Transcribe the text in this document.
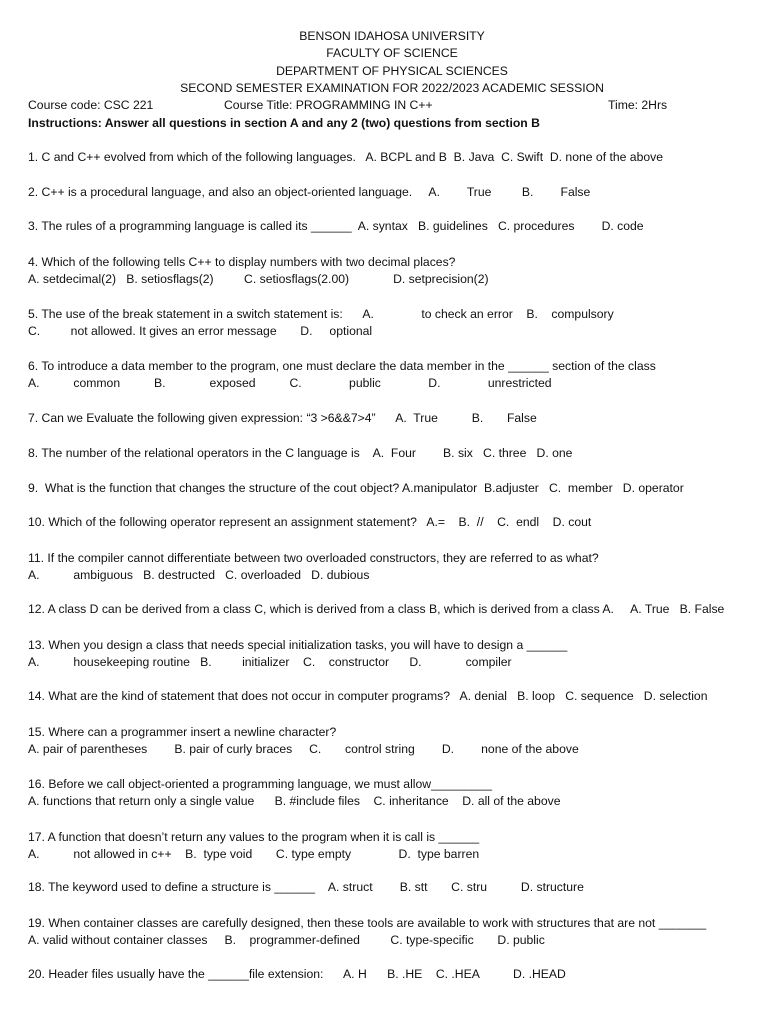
BENSON IDAHOSA UNIVERSITY
FACULTY OF SCIENCE
DEPARTMENT OF PHYSICAL SCIENCES
SECOND SEMESTER EXAMINATION FOR 2022/2023 ACADEMIC SESSION
Course code: CSC 221	Course Title: PROGRAMMING IN C++	Time: 2Hrs
Instructions: Answer all questions in section A and any 2 (two) questions from section B
1. C and C++ evolved from which of the following languages.   A. BCPL and B  B. Java  C. Swift  D. none of the above
2. C++ is a procedural language, and also an object-oriented language.     A.        True         B.        False
3. The rules of a programming language is called its ______  A. syntax   B. guidelines   C. procedures        D. code
4. Which of the following tells C++ to display numbers with two decimal places?
A. setdecimal(2)   B. setiosflags(2)         C. setiosflags(2.00)             D. setprecision(2)
5. The use of the break statement in a switch statement is:      A.              to check an error    B.    compulsory
C.         not allowed. It gives an error message       D.     optional
6. To introduce a data member to the program, one must declare the data member in the ______ section of the class
A.          common          B.             exposed          C.              public              D.              unrestricted
7. Can we Evaluate the following given expression: “3 >6&&7>4”      A.  True          B.       False
8. The number of the relational operators in the C language is    A.  Four        B. six   C. three   D. one
9.  What is the function that changes the structure of the cout object? A.manipulator  B.adjuster   C.  member   D. operator
10. Which of the following operator represent an assignment statement?   A.=    B.  //    C.  endl    D. cout
11. If the compiler cannot differentiate between two overloaded constructors, they are referred to as what?
A.          ambiguous   B. destructed   C. overloaded   D. dubious
12. A class D can be derived from a class C, which is derived from a class B, which is derived from a class A.     A. True   B. False
13. When you design a class that needs special initialization tasks, you will have to design a ______
A.          housekeeping routine   B.         initializer    C.    constructor      D.             compiler
14. What are the kind of statement that does not occur in computer programs?   A. denial   B. loop   C. sequence   D. selection
15. Where can a programmer insert a newline character?
A. pair of parentheses        B. pair of curly braces     C.       control string        D.        none of the above
16. Before we call object-oriented a programming language, we must allow_________
A. functions that return only a single value      B. #include files    C. inheritance    D. all of the above
17. A function that doesn’t return any values to the program when it is call is ______
A.          not allowed in c++    B.  type void       C. type empty              D.  type barren
18. The keyword used to define a structure is ______    A. struct        B. stt       C. stru          D. structure
19. When container classes are carefully designed, then these tools are available to work with structures that are not _______
A. valid without container classes     B.    programmer-defined         C. type-specific       D. public
20. Header files usually have the ______file extension:      A. H      B. .HE    C. .HEA          D. .HEAD
